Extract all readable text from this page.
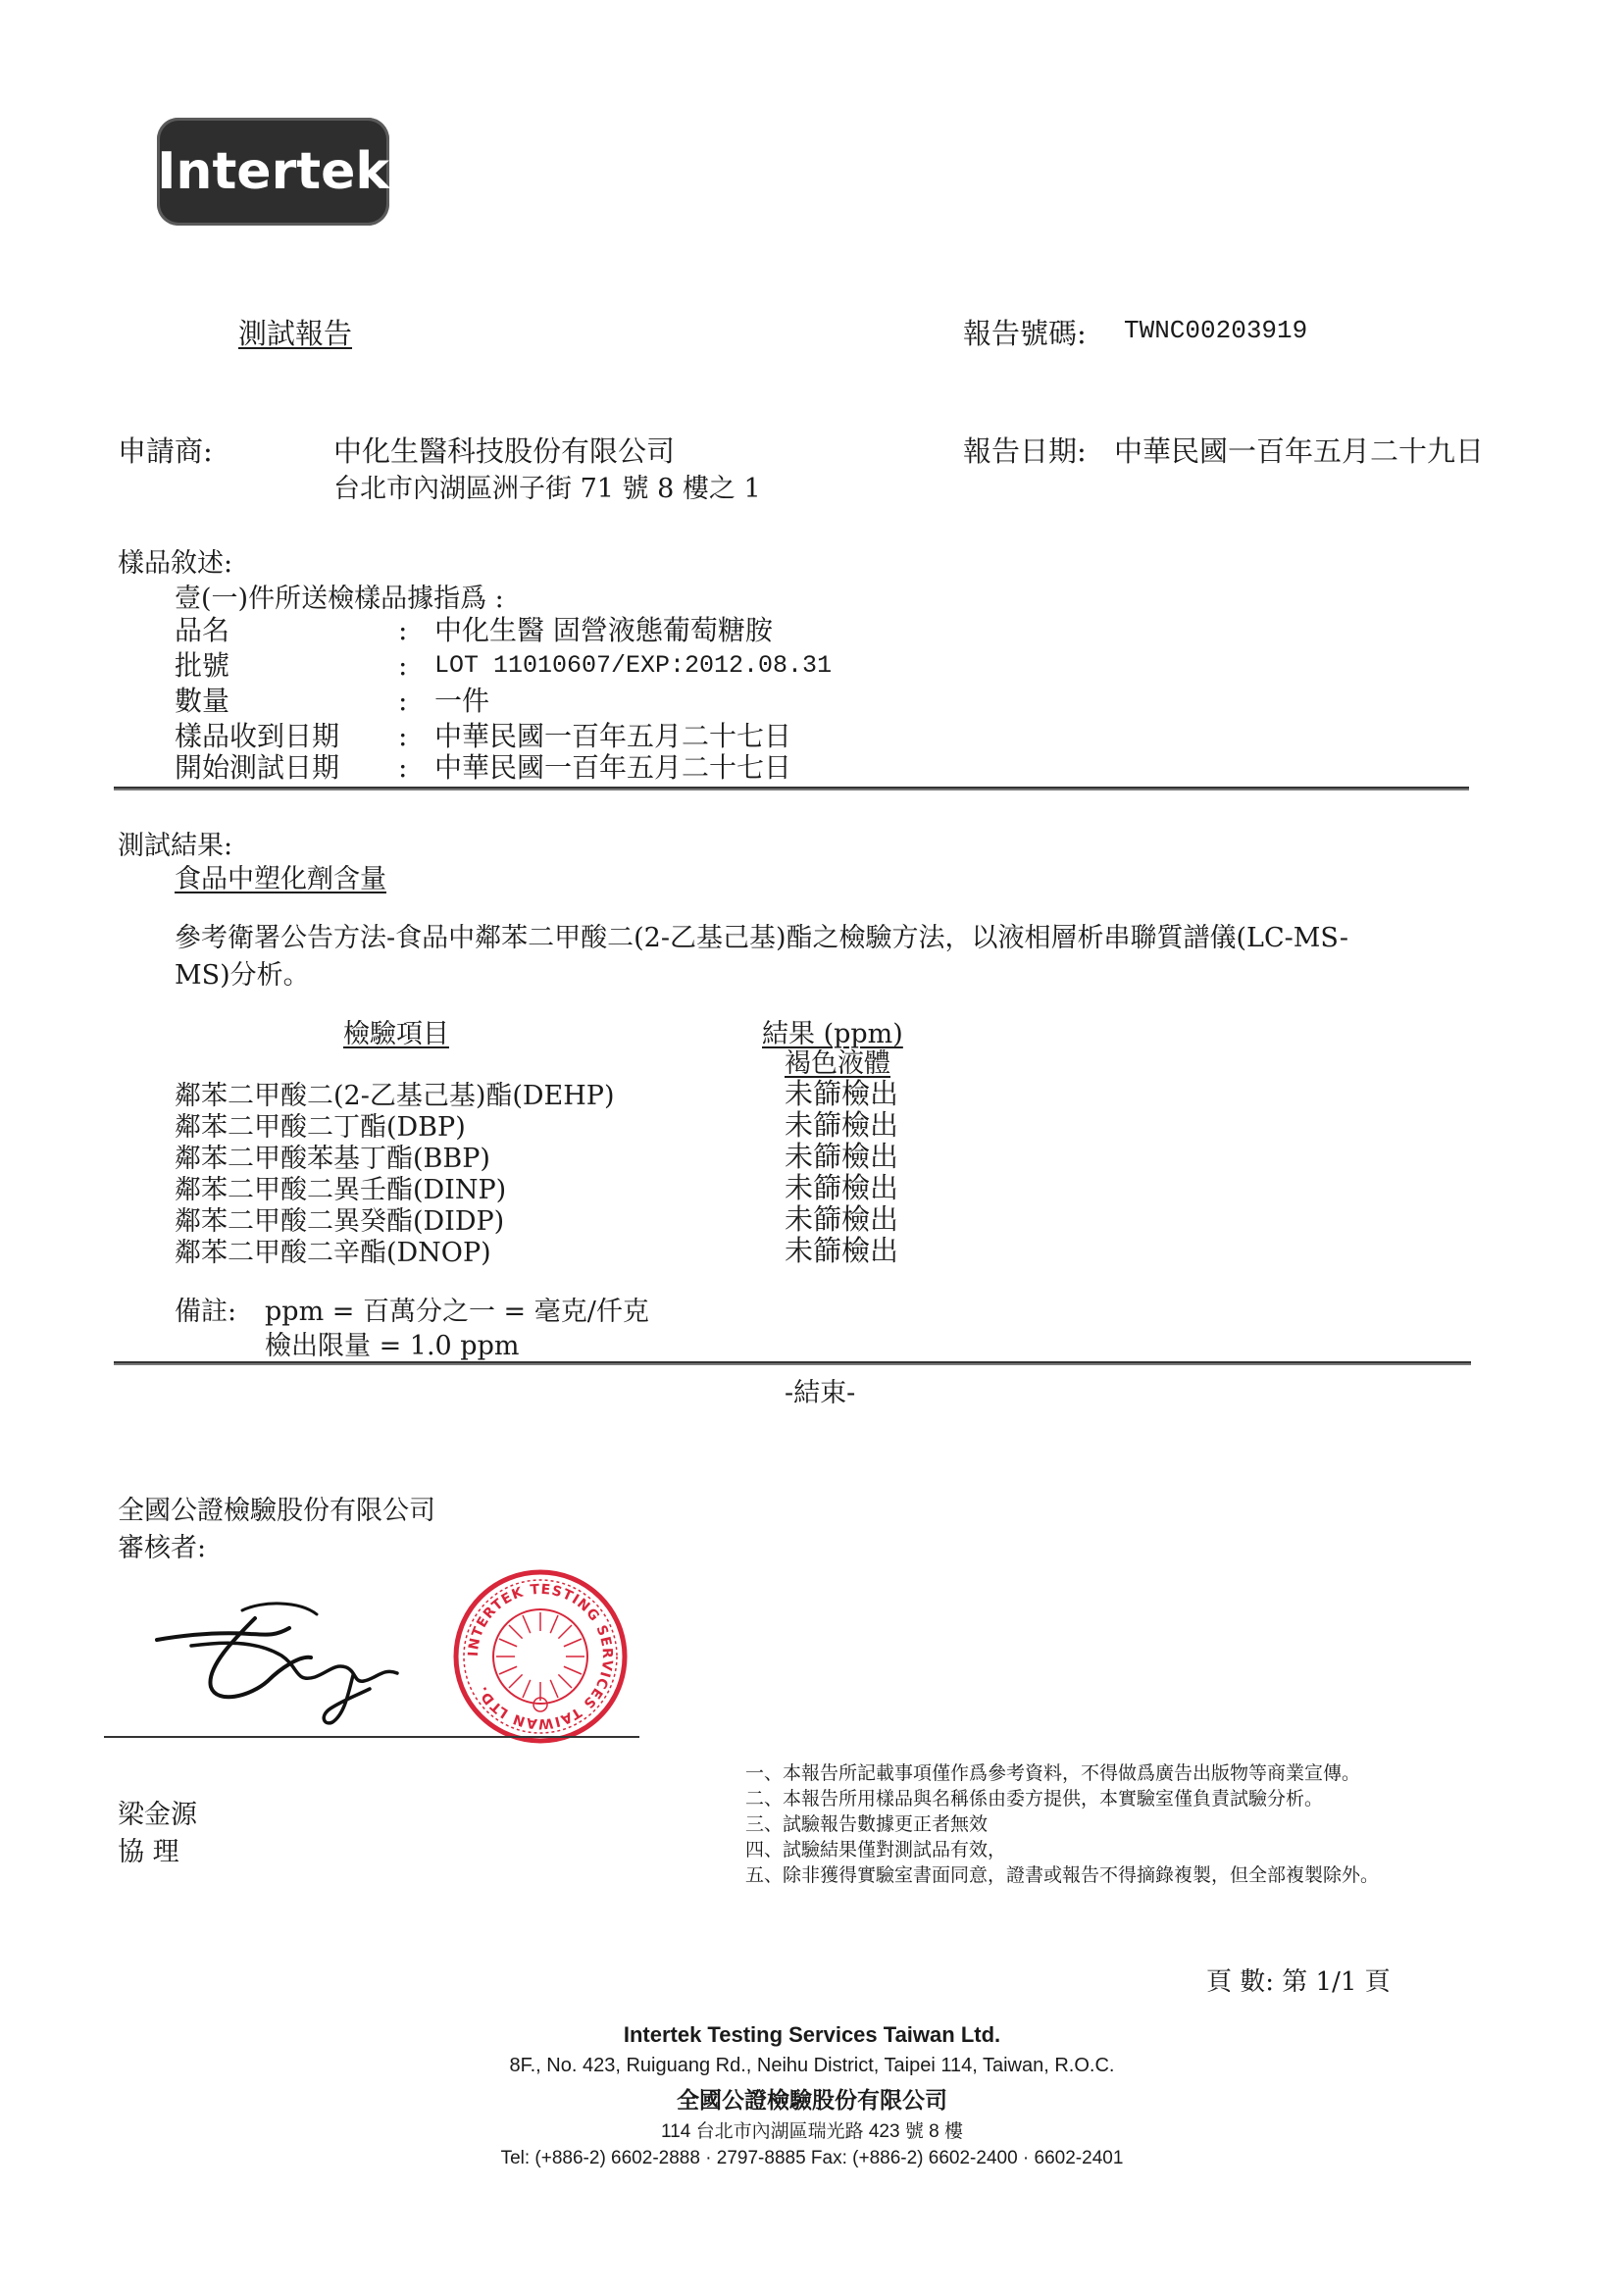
Intertek
測試報告	報告號碼: TWNC00203919
申請商:	中化生醫科技股份有限公司
台北市內湖區洲子街 71 號 8 樓之 1
報告日期: 中華民國一百年五月二十九日
樣品敘述:
壹(一)件所送檢樣品據指爲 :
品名	: 中化生醫 固營液態葡萄糖胺
批號	: LOT 11010607/EXP:2012.08.31
數量	: 一件
樣品收到日期 : 中華民國一百年五月二十七日
開始測試日期 : 中華民國一百年五月二十七日
測試結果:
食品中塑化劑含量
參考衛署公告方法-食品中鄰苯二甲酸二(2-乙基己基)酯之檢驗方法，以液相層析串聯質譜儀(LC-MS-
MS)分析。
檢驗項目	結果 (ppm)
褐色液體
鄰苯二甲酸二(2-乙基己基)酯(DEHP)	未篩檢出
鄰苯二甲酸二丁酯(DBP)	未篩檢出
鄰苯二甲酸苯基丁酯(BBP)	未篩檢出
鄰苯二甲酸二異壬酯(DINP)	未篩檢出
鄰苯二甲酸二異癸酯(DIDP)	未篩檢出
鄰苯二甲酸二辛酯(DNOP)	未篩檢出
備註: ppm = 百萬分之一 = 毫克/仟克
檢出限量 = 1.0 ppm
-結束-
全國公證檢驗股份有限公司
審核者:
INTERTEK TESTING SERVICES TAIWAN LTD.
梁金源
協 理
一、本報告所記載事項僅作爲參考資料，不得做爲廣告出版物等商業宣傳。
二、本報告所用樣品與名稱係由委方提供，本實驗室僅負責試驗分析。
三、試驗報告數據更正者無效
四、試驗結果僅對測試品有效，
五、除非獲得實驗室書面同意，證書或報告不得摘錄複製，但全部複製除外。
頁 數: 第 1/1 頁
Intertek Testing Services Taiwan Ltd.
8F., No. 423, Ruiguang Rd., Neihu District, Taipei 114, Taiwan, R.O.C.
全國公證檢驗股份有限公司
114 台北市內湖區瑞光路 423 號 8 樓
Tel: (+886-2) 6602-2888 · 2797-8885 Fax: (+886-2) 6602-2400 · 6602-2401
